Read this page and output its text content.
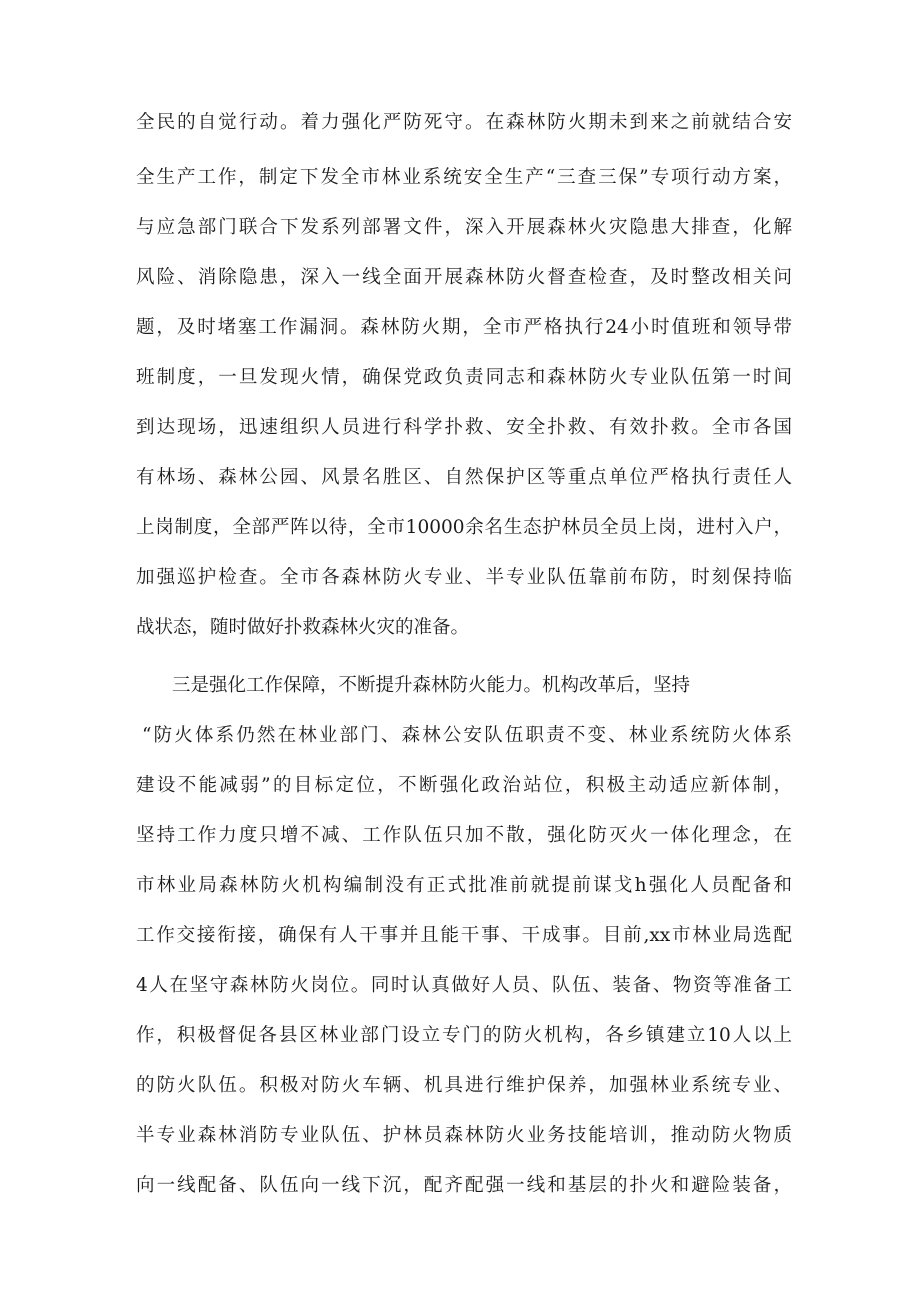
全民的自觉行动。着力强化严防死守。在森林防火期未到来之前就结合安
全生产工作，制定下发全市林业系统安全生产“三查三保”专项行动方案，
与应急部门联合下发系列部署文件，深入开展森林火灾隐患大排查，化解
风险、消除隐患，深入一线全面开展森林防火督查检查，及时整改相关问
题，及时堵塞工作漏洞。森林防火期，全市严格执行24小时值班和领导带
班制度，一旦发现火情，确保党政负责同志和森林防火专业队伍第一时间
到达现场，迅速组织人员进行科学扑救、安全扑救、有效扑救。全市各国
有林场、森林公园、风景名胜区、自然保护区等重点单位严格执行责任人
上岗制度，全部严阵以待，全市10000余名生态护林员全员上岗，进村入户，
加强巡护检查。全市各森林防火专业、半专业队伍靠前布防，时刻保持临
战状态，随时做好扑救森林火灾的准备。
三是强化工作保障，不断提升森林防火能力。机构改革后，坚持
“防火体系仍然在林业部门、森林公安队伍职责不变、林业系统防火体系
建设不能减弱”的目标定位，不断强化政治站位，积极主动适应新体制，
坚持工作力度只增不减、工作队伍只加不散，强化防灭火一体化理念，在
市林业局森林防火机构编制没有正式批准前就提前谋戈h强化人员配备和
工作交接衔接，确保有人干事并且能干事、干成事。目前,xx市林业局选配
4人在坚守森林防火岗位。同时认真做好人员、队伍、装备、物资等准备工
作，积极督促各县区林业部门设立专门的防火机构，各乡镇建立10人以上
的防火队伍。积极对防火车辆、机具进行维护保养，加强林业系统专业、
半专业森林消防专业队伍、护林员森林防火业务技能培训，推动防火物质
向一线配备、队伍向一线下沉，配齐配强一线和基层的扑火和避险装备，
